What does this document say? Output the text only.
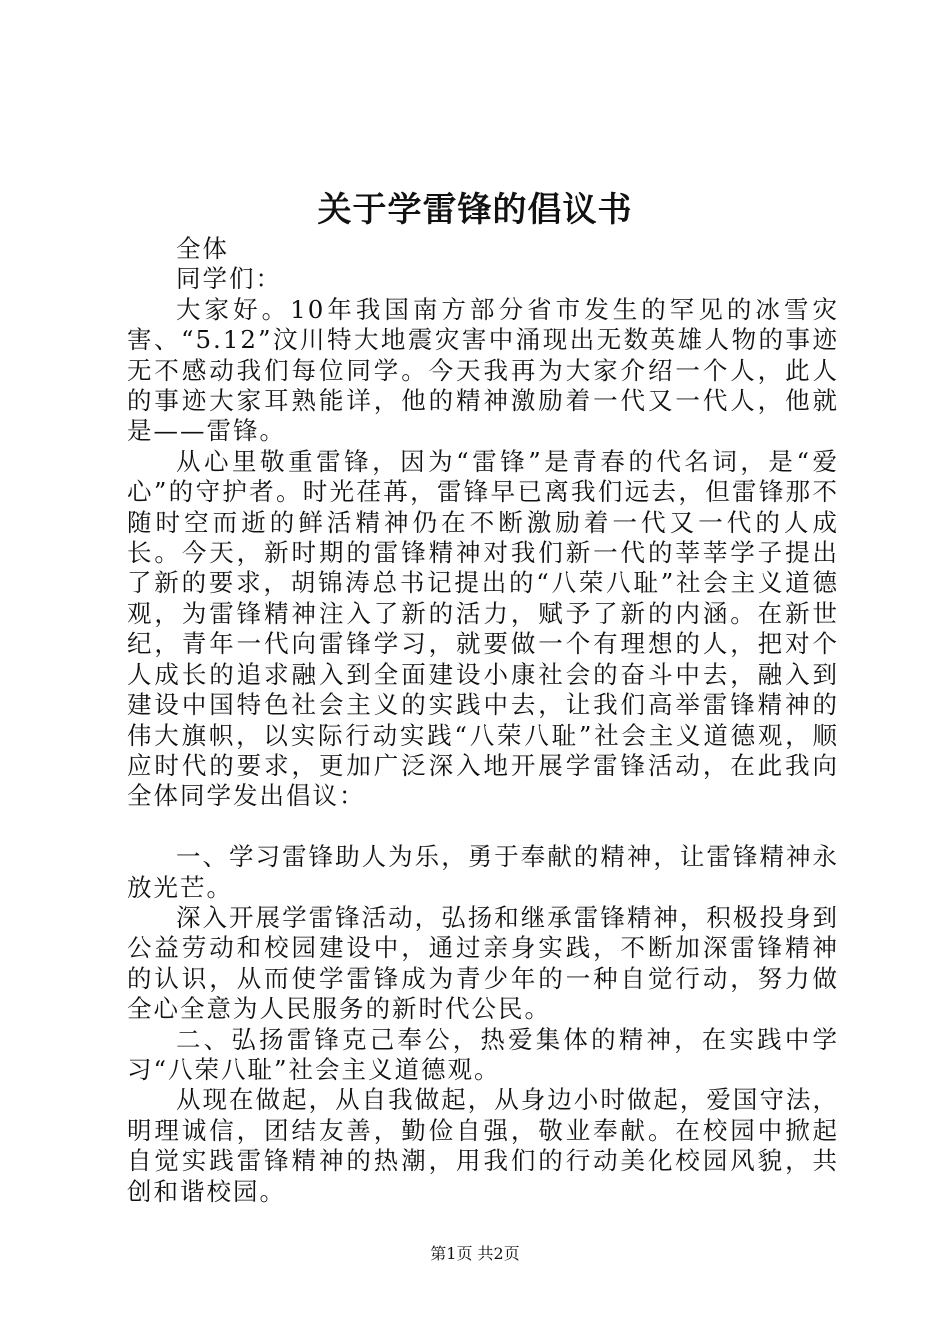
关于学雷锋的倡议书

全体

同学们：

大家好。10年我国南方部分省市发生的罕见的冰雪灾害、“5.12”汶川特大地震灾害中涌现出无数英雄人物的事迹无不感动我们每位同学。今天我再为大家介绍一个人，此人的事迹大家耳熟能详，他的精神激励着一代又一代人，他就是——雷锋。

从心里敬重雷锋，因为“雷锋”是青春的代名词，是“爱心”的守护者。时光荏苒，雷锋早已离我们远去，但雷锋那不随时空而逝的鲜活精神仍在不断激励着一代又一代的人成长。今天，新时期的雷锋精神对我们新一代的莘莘学子提出了新的要求，胡锦涛总书记提出的“八荣八耻”社会主义道德观，为雷锋精神注入了新的活力，赋予了新的内涵。在新世纪，青年一代向雷锋学习，就要做一个有理想的人，把对个人成长的追求融入到全面建设小康社会的奋斗中去，融入到建设中国特色社会主义的实践中去，让我们高举雷锋精神的伟大旗帜，以实际行动实践“八荣八耻”社会主义道德观，顺应时代的要求，更加广泛深入地开展学雷锋活动，在此我向全体同学发出倡议：

一、学习雷锋助人为乐，勇于奉献的精神，让雷锋精神永放光芒。

深入开展学雷锋活动，弘扬和继承雷锋精神，积极投身到公益劳动和校园建设中，通过亲身实践，不断加深雷锋精神的认识，从而使学雷锋成为青少年的一种自觉行动，努力做全心全意为人民服务的新时代公民。

二、弘扬雷锋克己奉公，热爱集体的精神，在实践中学习“八荣八耻”社会主义道德观。

从现在做起，从自我做起，从身边小时做起，爱国守法，明理诚信，团结友善，勤俭自强，敬业奉献。在校园中掀起自觉实践雷锋精神的热潮，用我们的行动美化校园风貌，共创和谐校园。

第1页 共2页
